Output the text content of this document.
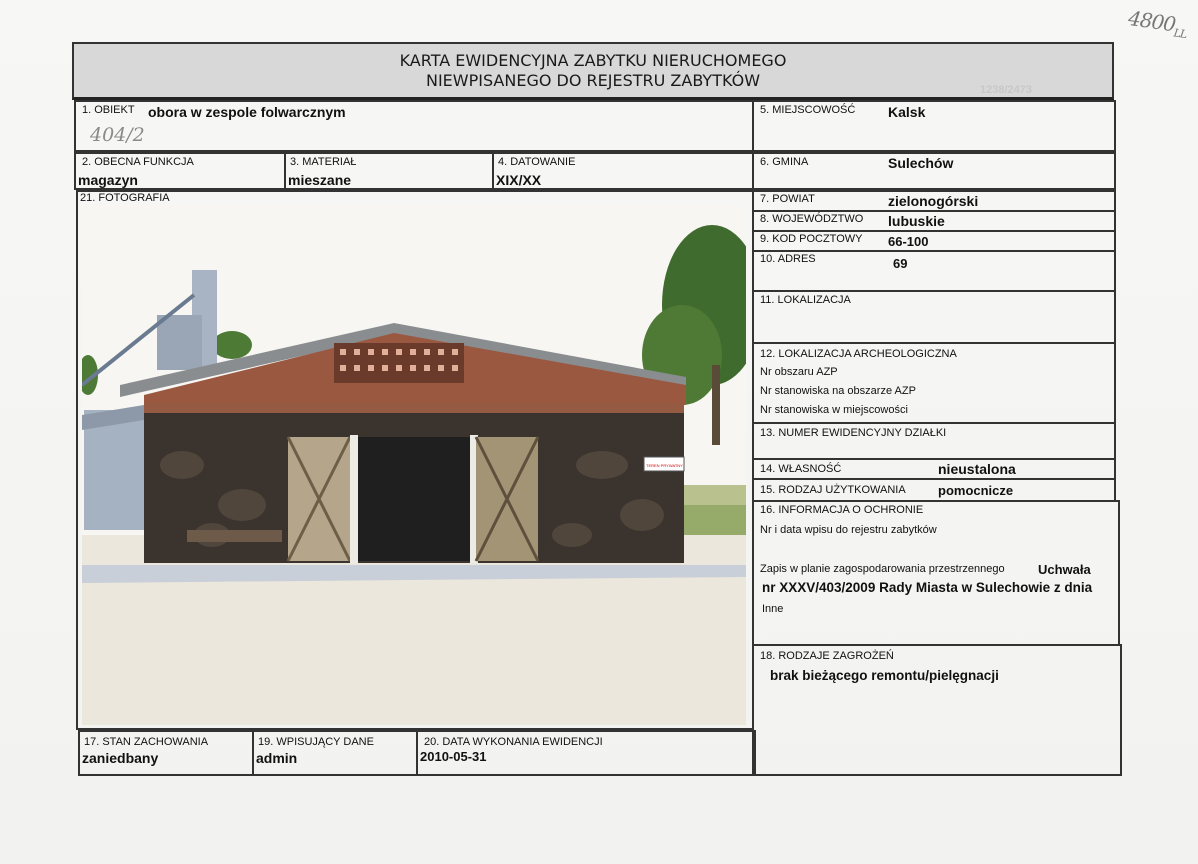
$4800_{LL}$
KARTA EWIDENCYJNA ZABYTKU NIERUCHOMEGO
NIEWPISANEGO DO REJESTRU ZABYTKÓW	1238/2473
1. OBIEKT obora w zespole folwarcznym
404/2
5. MIEJSCOWOŚĆ Kalsk
2. OBECNA FUNKCJA
magazyn
3. MATERIAŁ
mieszane
4. DATOWANIE
XIX/XX
6. GMINA	Sulechów
21. FOTOGRAFIA
TEREN PRYWATNY
7. POWIAT	zielonogórski
8. WOJEWÓDZTWO lubuskie
9. KOD POCZTOWY 66-100
10. ADRES	69
11. LOKALIZACJA
12. LOKALIZACJA ARCHEOLOGICZNA
Nr obszaru AZP
Nr stanowiska na obszarze AZP
Nr stanowiska w miejscowości
13. NUMER EWIDENCYJNY DZIAŁKI
14. WŁASNOŚĆ	nieustalona
15. RODZAJ UŻYTKOWANIA pomocnicze
16. INFORMACJA O OCHRONIE
Nr i data wpisu do rejestru zabytków
Zapis w planie zagospodarowania przestrzennego	Uchwała
nr XXXV/403/2009 Rady Miasta w Sulechowie z dnia
Inne
18. RODZAJE ZAGROŻEŃ
brak bieżącego remontu/pielęgnacji
17. STAN ZACHOWANIA
zaniedbany
19. WPISUJĄCY DANE
admin
20. DATA WYKONANIA EWIDENCJI
2010-05-31
